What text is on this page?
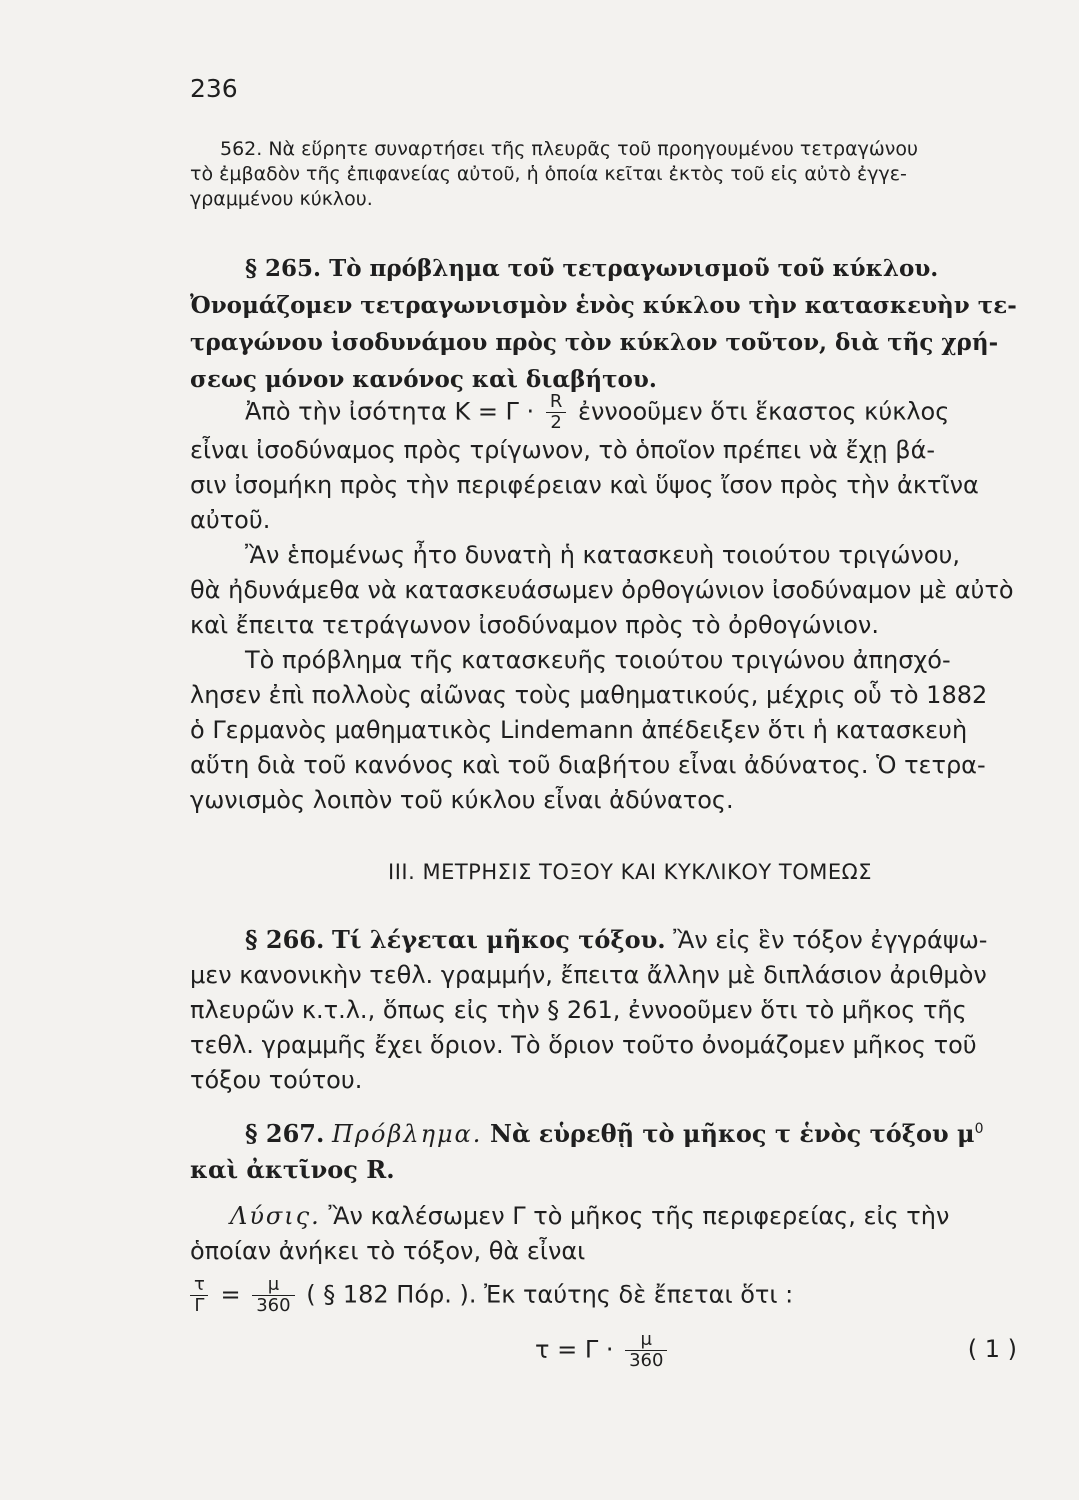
236
562. Νὰ εὕρητε συναρτήσει τῆς πλευρᾶς τοῦ προηγουμένου τετραγώνου
τὸ ἐμβαδὸν τῆς ἐπιφανείας αὐτοῦ, ἡ ὁποία κεῖται ἐκτὸς τοῦ εἰς αὐτὸ ἐγγε-
γραμμένου κύκλου.
§ 265. Τὸ πρόβλημα τοῦ τετραγωνισμοῦ τοῦ κύκλου.
Ὀνομάζομεν τετραγωνισμὸν ἑνὸς κύκλου τὴν κατασκευὴν τε-
τραγώνου ἰσοδυνάμου πρὸς τὸν κύκλον τοῦτον, διὰ τῆς χρή-
σεως μόνον κανόνος καὶ διαβήτου.
Ἀπὸ τὴν ἰσότητα $K = \Gamma \cdot \frac{R}{2}$ ἐννοοῦμεν ὅτι ἕκαστος κύκλος
εἶναι ἰσοδύναμος πρὸς τρίγωνον, τὸ ὁποῖον πρέπει νὰ ἔχῃ βά-
σιν ἰσομήκη πρὸς τὴν περιφέρειαν καὶ ὕψος ἴσον πρὸς τὴν ἀκτῖνα
αὐτοῦ.
Ἂν ἑπομένως ἦτο δυνατὴ ἡ κατασκευὴ τοιούτου τριγώνου,
θὰ ἠδυνάμεθα νὰ κατασκευάσωμεν ὀρθογώνιον ἰσοδύναμον μὲ αὐτὸ
καὶ ἔπειτα τετράγωνον ἰσοδύναμον πρὸς τὸ ὀρθογώνιον.
Τὸ πρόβλημα τῆς κατασκευῆς τοιούτου τριγώνου ἀπησχό-
λησεν ἐπὶ πολλοὺς αἰῶνας τοὺς μαθηματικούς, μέχρις οὗ τὸ 1882
ὁ Γερμανὸς μαθηματικὸς Lindemann ἀπέδειξεν ὅτι ἡ κατασκευὴ
αὕτη διὰ τοῦ κανόνος καὶ τοῦ διαβήτου εἶναι ἀδύνατος. Ὁ τετρα-
γωνισμὸς λοιπὸν τοῦ κύκλου εἶναι ἀδύνατος.
ΙΙΙ. ΜΕΤΡΗΣΙΣ ΤΟΞΟΥ ΚΑΙ ΚΥΚΛΙΚΟΥ ΤΟΜΕΩΣ
§ 266. Τί λέγεται μῆκος τόξου. Ἂν εἰς ἓν τόξον ἐγγράψω-
μεν κανονικὴν τεθλ. γραμμήν, ἔπειτα ἄλλην μὲ διπλάσιον ἀριθμὸν
πλευρῶν κ.τ.λ., ὅπως εἰς τὴν § 261, ἐννοοῦμεν ὅτι τὸ μῆκος τῆς
τεθλ. γραμμῆς ἔχει ὅριον. Τὸ ὅριον τοῦτο ὀνομάζομεν μῆκος τοῦ
τόξου τούτου.
§ 267. Πρόβλημα. Νὰ εὑρεθῇ τὸ μῆκος τ ἑνὸς τόξου $\mu^0$
καὶ ἀκτῖνος R.
Λύσις. Ἂν καλέσωμεν Γ τὸ μῆκος τῆς περιφερείας, εἰς τὴν
ὁποίαν ἀνήκει τὸ τόξον, θὰ εἶναι
$\frac{\tau}{\Gamma} = \frac{\mu}{360}$ ( § 182 Πόρ. ). Ἐκ ταύτης δὲ ἔπεται ὅτι :
$\tau = \Gamma \cdot \frac{\mu}{360}$	( 1 )
